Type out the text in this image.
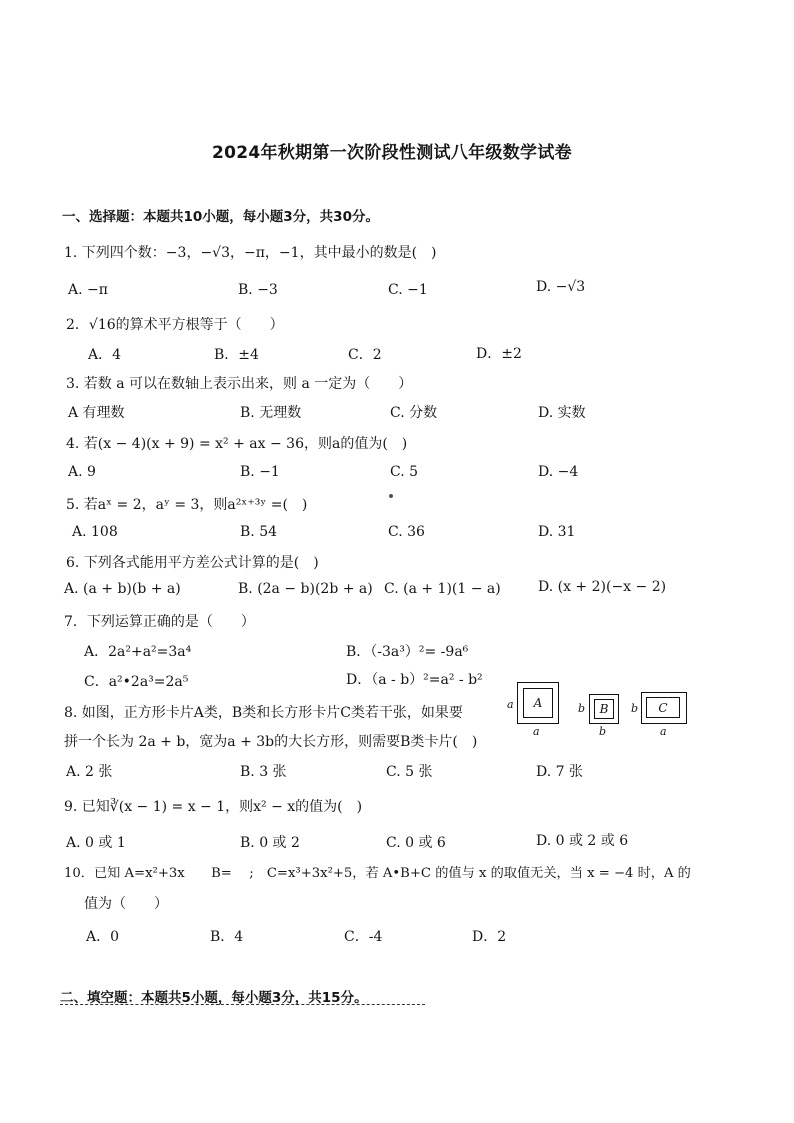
2024年秋期第一次阶段性测试八年级数学试卷
一、选择题：本题共10小题，每小题3分，共30分。
1. 下列四个数：−3，−√3，−π，−1，其中最小的数是(　)
A. −π	B. −3	C. −1	D. −√3
2．√16的算术平方根等于（　　）
A．4	B．±4	C．2	D．±2
3. 若数 a 可以在数轴上表示出来，则 a 一定为（　　）
A 有理数	B. 无理数	C. 分数	D. 实数
4. 若(x − 4)(x + 9) = x² + ax − 36，则a的值为(　)
A. 9	B. −1	C. 5	D. −4
5. 若aˣ = 2，aʸ = 3，则a²ˣ⁺³ʸ =(　)
A. 108	B. 54	C. 36	D. 31
6. 下列各式能用平方差公式计算的是(　)
A. (a + b)(b + a)	B. (2a − b)(2b + a) C. (a + 1)(1 − a)	D. (x + 2)(−x − 2)
7．下列运算正确的是（　　）
A．2a²+a²=3a⁴	B．（-3a³）²= -9a⁶
C．a²•2a³=2a⁵	D．（a - b）²=a² - b²
8. 如图，正方形卡片A类，B类和长方形卡片C类若干张，如果要
拼一个长为 2a + b，宽为a + 3b的大长方形，则需要B类卡片(　)
a	A
a
b	B
b
b	C
a
A. 2 张	B. 3 张	C. 5 张	D. 7 张
9. 已知∛(x − 1) = x − 1，则x² − x的值为(　)
A. 0 或 1	B. 0 或 2	C. 0 或 6	D. 0 或 2 或 6
10．已知 A=x²+3x　　B=　 ;　C=x³+3x²+5，若 A•B+C 的值与 x 的取值无关，当 x = −4 时，A 的
值为（　　）
A．0	B．4	C．-4	D．2
二、填空题：本题共5小题，每小题3分，共15分。
